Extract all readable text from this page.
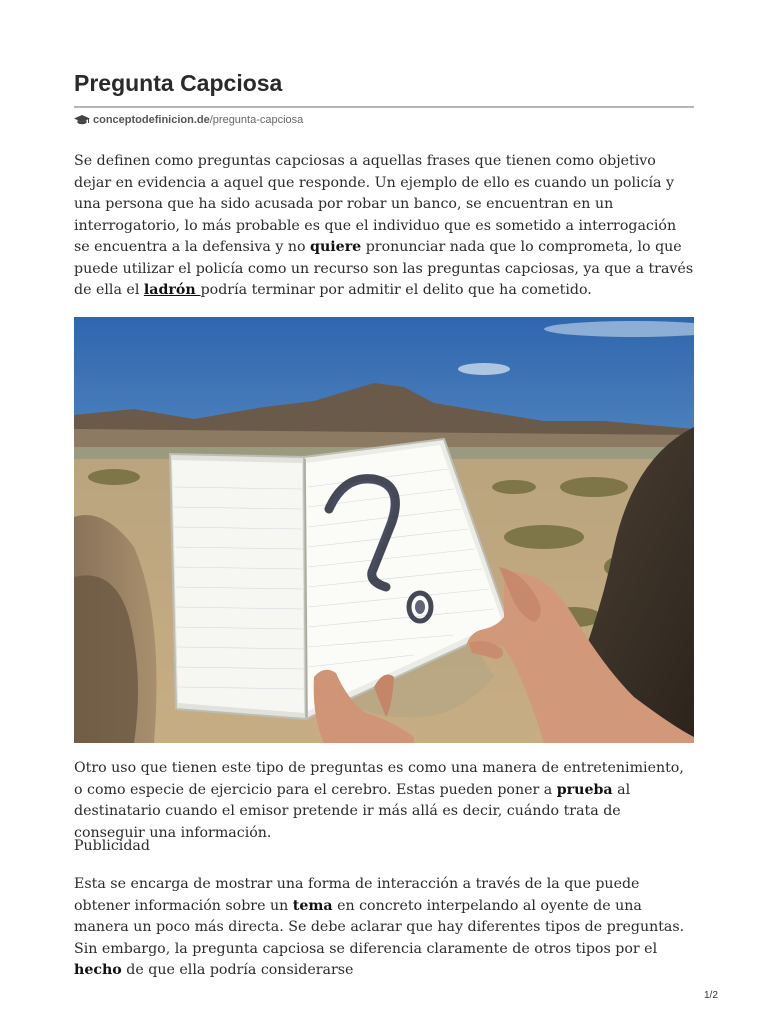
Pregunta Capciosa
conceptodefinicion.de /pregunta-capciosa

Se definen como preguntas capciosas a aquellas frases que tienen como objetivo dejar en evidencia a aquel que responde. Un ejemplo de ello es cuando un policía y una persona que ha sido acusada por robar un banco, se encuentran en un interrogatorio, lo más probable es que el individuo que es sometido a interrogación se encuentra a la defensiva y no quiere pronunciar nada que lo comprometa, lo que puede utilizar el policía como un recurso son las preguntas capciosas, ya que a través de ella el ladrón podría terminar por admitir el delito que ha cometido.

Otro uso que tienen este tipo de preguntas es como una manera de entretenimiento, o como especie de ejercicio para el cerebro. Estas pueden poner a prueba al destinatario cuando el emisor pretende ir más allá es decir, cuándo trata de conseguir una información.

Publicidad

Esta se encarga de mostrar una forma de interacción a través de la que puede obtener información sobre un tema en concreto interpelando al oyente de una manera un poco más directa. Se debe aclarar que hay diferentes tipos de preguntas. Sin embargo, la pregunta capciosa se diferencia claramente de otros tipos por el hecho de que ella podría considerarse

1/2
